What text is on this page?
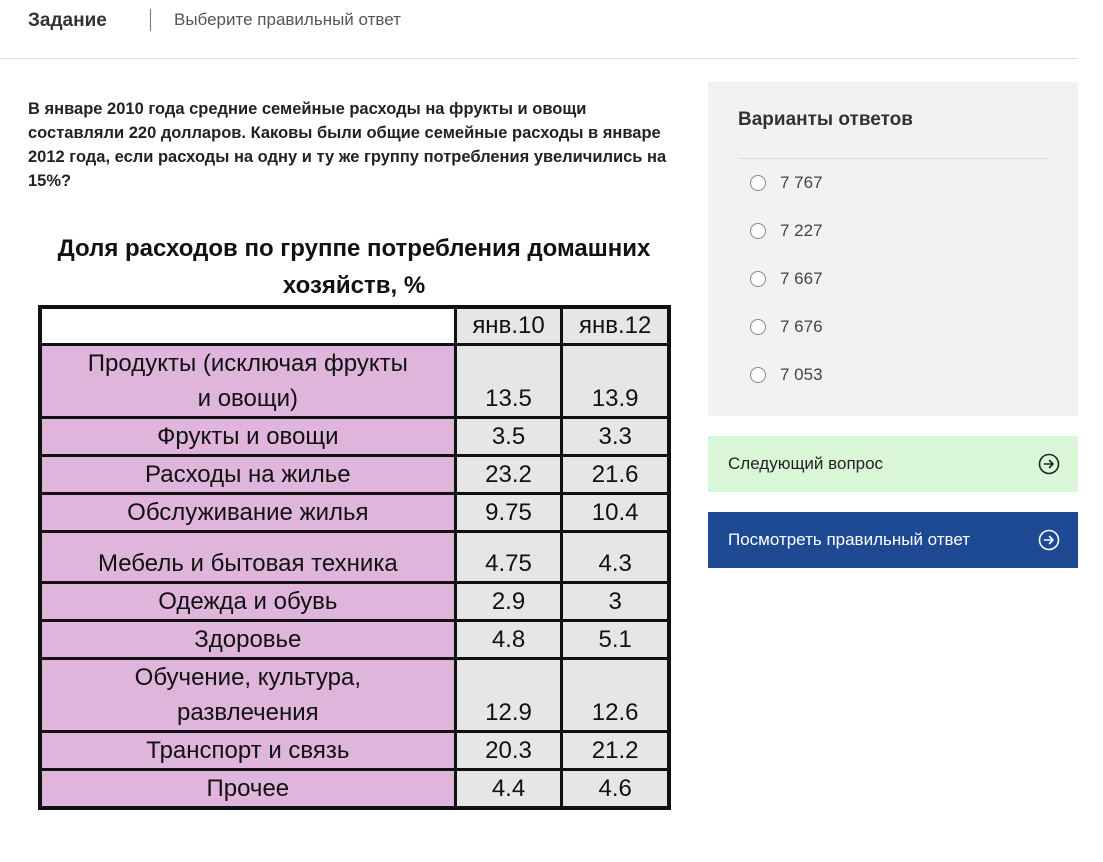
Задание	Выберите правильный ответ
В январе 2010 года средние семейные расходы на фрукты и овощи составляли 220 долларов. Каковы были общие семейные расходы в январе 2012 года, если расходы на одну и ту же группу потребления увеличились на 15%?
Доля расходов по группе потребления домашних хозяйств, %
	янв.10	янв.12
Продукты (исключая фрукты и овощи)	13.5	13.9
Фрукты и овощи	3.5	3.3
Расходы на жилье	23.2	21.6
Обслуживание жилья	9.75	10.4
Мебель и бытовая техника	4.75	4.3
Одежда и обувь	2.9	3
Здоровье	4.8	5.1
Обучение, культура, развлечения	12.9	12.6
Транспорт и связь	20.3	21.2
Прочее	4.4	4.6
Варианты ответов
7 767
7 227
7 667
7 676
7 053
Следующий вопрос
Посмотреть правильный ответ
